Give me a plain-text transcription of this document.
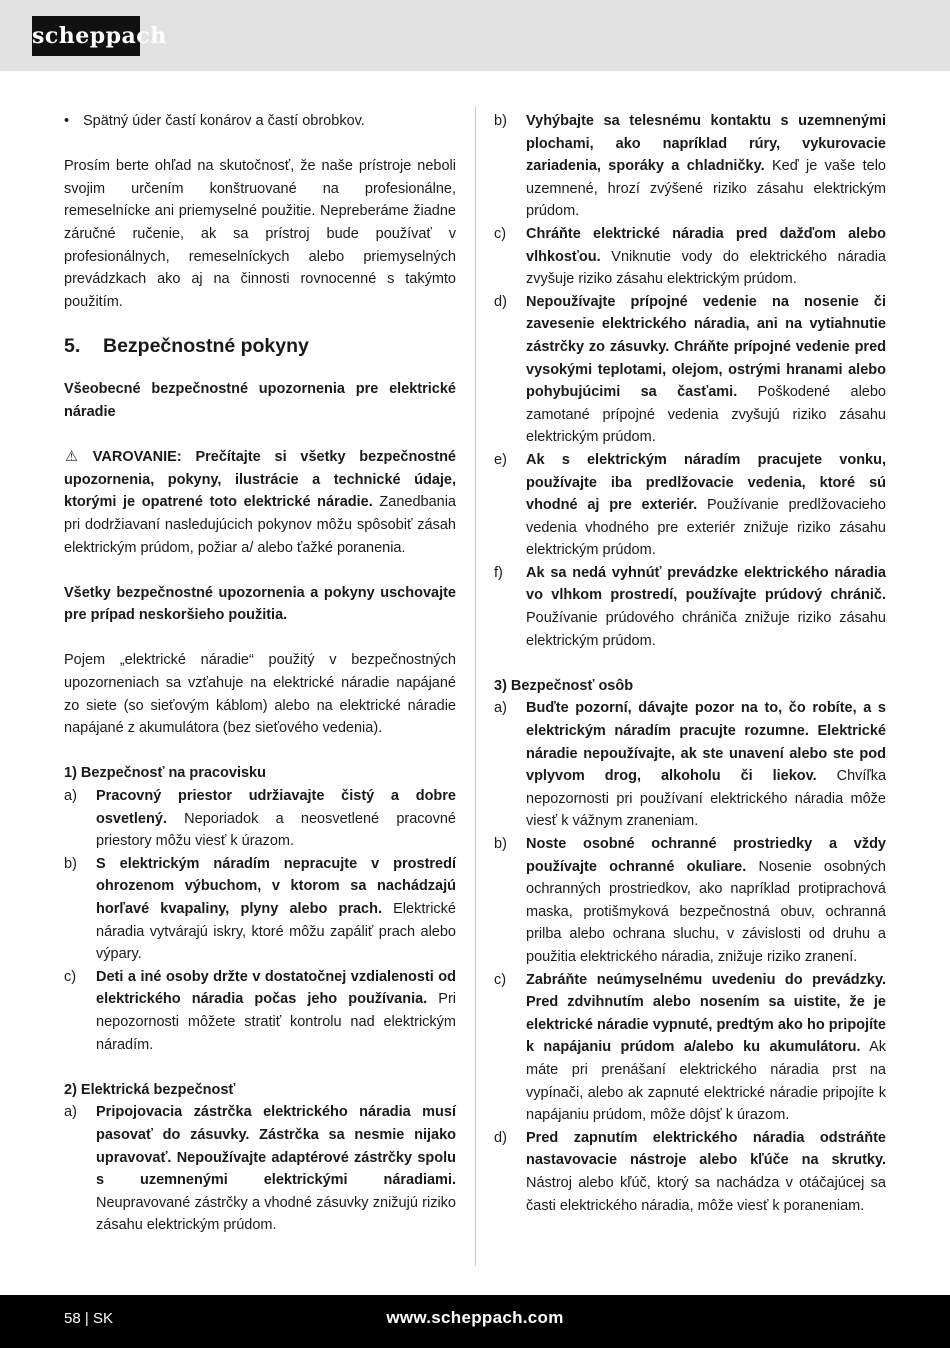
scheppach
• Spätný úder častí konárov a častí obrobkov.

Prosím berte ohľad na skutočnosť, že naše prístroje neboli svojim určením konštruované na profesionálne, remeselnícke ani priemyselné použitie. Nepreberáme žiadne záručné ručenie, ak sa prístroj bude používať v profesionálnych, remeselníckych alebo priemyselných prevádzkach ako aj na činnosti rovnocenné s takýmto použitím.

5. Bezpečnostné pokyny

Všeobecné bezpečnostné upozornenia pre elektrické náradie

⚠ VAROVANIE: Prečítajte si všetky bezpečnostné upozornenia, pokyny, ilustrácie a technické údaje, ktorými je opatrené toto elektrické náradie. Zanedbania pri dodržiavaní nasledujúcich pokynov môžu spôsobiť zásah elektrickým prúdom, požiar a/ alebo ťažké poranenia.

Všetky bezpečnostné upozornenia a pokyny uschovajte pre prípad neskoršieho použitia.

Pojem „elektrické náradie“ použitý v bezpečnostných upozorneniach sa vzťahuje na elektrické náradie napájané zo siete (so sieťovým káblom) alebo na elektrické náradie napájané z akumulátora (bez sieťového vedenia).

1) Bezpečnosť na pracovisku
a) Pracovný priestor udržiavajte čistý a dobre osvetlený. Neporiadok a neosvetlené pracovné priestory môžu viesť k úrazom.
b) S elektrickým náradím nepracujte v prostredí ohrozenom výbuchom, v ktorom sa nachádzajú horľavé kvapaliny, plyny alebo prach. Elektrické náradia vytvárajú iskry, ktoré môžu zapáliť prach alebo výpary.
c) Deti a iné osoby držte v dostatočnej vzdialenosti od elektrického náradia počas jeho používania. Pri nepozornosti môžete stratiť kontrolu nad elektrickým náradím.
2) Elektrická bezpečnosť
a) Pripojovacia zástrčka elektrického náradia musí pasovať do zásuvky. Zástrčka sa nesmie nijako upravovať. Nepoužívajte adaptérové zástrčky spolu s uzemnenými elektrickými náradiami. Neupravované zástrčky a vhodné zásuvky znižujú riziko zásahu elektrickým prúdom.
b) Vyhýbajte sa telesnému kontaktu s uzemnenými plochami, ako napríklad rúry, vykurovacie zariadenia, sporáky a chladničky. Keď je vaše telo uzemnené, hrozí zvýšené riziko zásahu elektrickým prúdom.
c) Chráňte elektrické náradia pred dažďom alebo vlhkosťou. Vniknutie vody do elektrického náradia zvyšuje riziko zásahu elektrickým prúdom.
d) Nepoužívajte prípojné vedenie na nosenie či zavesenie elektrického náradia, ani na vytiahnutie zástrčky zo zásuvky. Chráňte prípojné vedenie pred vysokými teplotami, olejom, ostrými hranami alebo pohybujúcimi sa časťami. Poškodené alebo zamotané prípojné vedenia zvyšujú riziko zásahu elektrickým prúdom.
e) Ak s elektrickým náradím pracujete vonku, používajte iba predlžovacie vedenia, ktoré sú vhodné aj pre exteriér. Používanie predlžovacieho vedenia vhodného pre exteriér znižuje riziko zásahu elektrickým prúdom.
f) Ak sa nedá vyhnúť prevádzke elektrického náradia vo vlhkom prostredí, používajte prúdový chránič. Používanie prúdového chrániča znižuje riziko zásahu elektrickým prúdom.
3) Bezpečnosť osôb
a) Buďte pozorní, dávajte pozor na to, čo robíte, a s elektrickým náradím pracujte rozumne. Elektrické náradie nepoužívajte, ak ste unavení alebo ste pod vplyvom drog, alkoholu či liekov. Chvíľka nepozornosti pri používaní elektrického náradia môže viesť k vážnym zraneniam.
b) Noste osobné ochranné prostriedky a vždy používajte ochranné okuliare. Nosenie osobných ochranných prostriedkov, ako napríklad protiprachová maska, protišmyková bezpečnostná obuv, ochranná prilba alebo ochrana sluchu, v závislosti od druhu a použitia elektrického náradia, znižuje riziko zranení.
c) Zabráňte neúmyselnému uvedeniu do prevádzky. Pred zdvihnutím alebo nosením sa uistite, že je elektrické náradie vypnuté, predtým ako ho pripojíte k napájaniu prúdom a/alebo ku akumulátoru. Ak máte pri prenášaní elektrického náradia prst na vypínači, alebo ak zapnuté elektrické náradie pripojíte k napájaniu prúdom, môže dôjsť k úrazom.
d) Pred zapnutím elektrického náradia odstráňte nastavovacie nástroje alebo kľúče na skrutky. Nástroj alebo kľúč, ktorý sa nachádza v otáčajúcej sa časti elektrického náradia, môže viesť k poraneniam.
58 | SK	www.scheppach.com
